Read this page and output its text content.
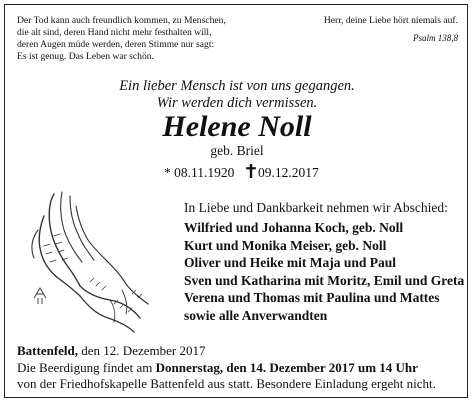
Der Tod kann auch freundlich kommen, zu Menschen,
die alt sind, deren Hand nicht mehr festhalten will,
deren Augen müde werden, deren Stimme nur sagt:
Es ist genug. Das Leben war schön.
Herr, deine Liebe hört niemals auf.
Psalm 138,8
Ein lieber Mensch ist von uns gegangen.
Wir werden dich vermissen.
Helene Noll
geb. Briel
* 08.11.1920 09.12.2017
In Liebe und Dankbarkeit nehmen wir Abschied:
Wilfried und Johanna Koch, geb. Noll
Kurt und Monika Meiser, geb. Noll
Oliver und Heike mit Maja und Paul
Sven und Katharina mit Moritz, Emil und Greta
Verena und Thomas mit Paulina und Mattes
sowie alle Anverwandten
Battenfeld, den 12. Dezember 2017
Die Beerdigung findet am Donnerstag, den 14. Dezember 2017 um 14 Uhr
von der Friedhofskapelle Battenfeld aus statt. Besondere Einladung ergeht nicht.
